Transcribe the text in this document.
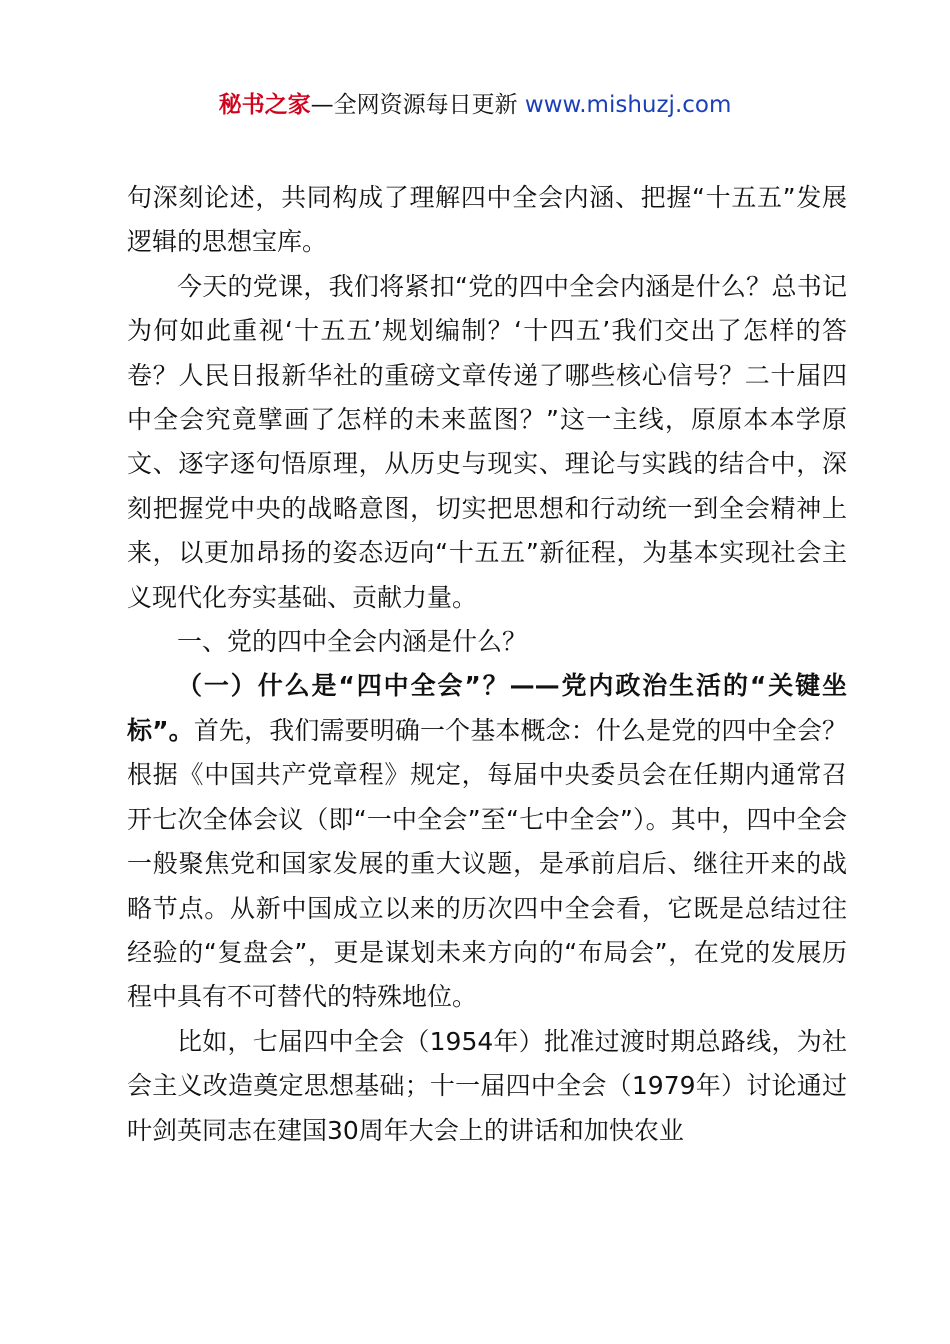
秘书之家—全网资源每日更新 www.mishuzj.com

句深刻论述，共同构成了理解四中全会内涵、把握“十五五”发展逻辑的思想宝库。

今天的党课，我们将紧扣“党的四中全会内涵是什么？总书记为何如此重视‘十五五’规划编制？‘十四五’我们交出了怎样的答卷？人民日报新华社的重磅文章传递了哪些核心信号？二十届四中全会究竟擘画了怎样的未来蓝图？”这一主线，原原本本学原文、逐字逐句悟原理，从历史与现实、理论与实践的结合中，深刻把握党中央的战略意图，切实把思想和行动统一到全会精神上来，以更加昂扬的姿态迈向“十五五”新征程，为基本实现社会主义现代化夯实基础、贡献力量。

一、党的四中全会内涵是什么？

（一）什么是“四中全会”？——党内政治生活的“关键坐标”。首先，我们需要明确一个基本概念：什么是党的四中全会？根据《中国共产党章程》规定，每届中央委员会在任期内通常召开七次全体会议（即“一中全会”至“七中全会”）。其中，四中全会一般聚焦党和国家发展的重大议题，是承前启后、继往开来的战略节点。从新中国成立以来的历次四中全会看，它既是总结过往经验的“复盘会”，更是谋划未来方向的“布局会”，在党的发展历程中具有不可替代的特殊地位。

比如，七届四中全会（1954年）批准过渡时期总路线，为社会主义改造奠定思想基础；十一届四中全会（1979年）讨论通过叶剑英同志在建国30周年大会上的讲话和加快农业
